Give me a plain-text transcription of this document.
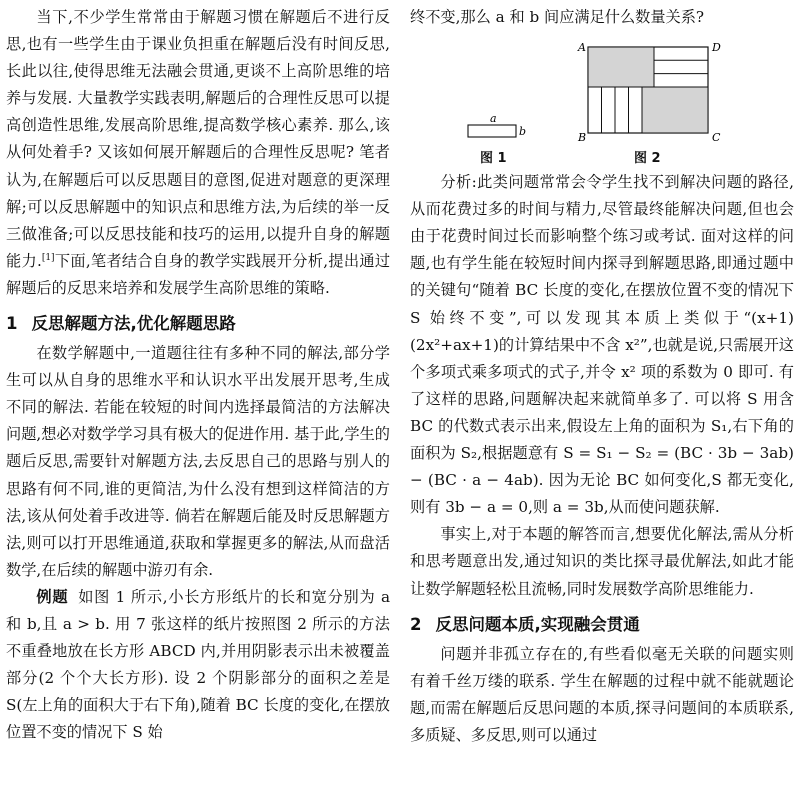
当下,不少学生常常由于解题习惯在解题后不进行反思,也有一些学生由于课业负担重在解题后没有时间反思,长此以往,使得思维无法融会贯通,更谈不上高阶思维的培养与发展. 大量教学实践表明,解题后的合理性反思可以提高创造性思维,发展高阶思维,提高数学核心素养. 那么,该从何处着手? 又该如何展开解题后的合理性反思呢? 笔者认为,在解题后可以反思题目的意图,促进对题意的更深理解;可以反思解题中的知识点和思维方法,为后续的举一反三做准备;可以反思技能和技巧的运用,以提升自身的解题能力.[1]下面,笔者结合自身的教学实践展开分析,提出通过解题后的反思来培养和发展学生高阶思维的策略.

1 反思解题方法,优化解题思路

在数学解题中,一道题往往有多种不同的解法,部分学生可以从自身的思维水平和认识水平出发展开思考,生成不同的解法. 若能在较短的时间内选择最简洁的方法解决问题,想必对数学学习具有极大的促进作用. 基于此,学生的题后反思,需要针对解题方法,去反思自己的思路与别人的思路有何不同,谁的更简洁,为什么没有想到这样简洁的方法,该从何处着手改进等. 倘若在解题后能及时反思解题方法,则可以打开思维通道,获取和掌握更多的解法,从而盘活数学,在后续的解题中游刃有余.

例题 如图 1 所示,小长方形纸片的长和宽分别为 a 和 b,且 a > b. 用 7 张这样的纸片按照图 2 所示的方法不重叠地放在长方形 ABCD 内,并用阴影表示出未被覆盖部分(2 个个大长方形). 设 2 个阴影部分的面积之差是 S(左上角的面积大于右下角),随着 BC 长度的变化,在摆放位置不变的情况下 S 始

终不变,那么 a 和 b 间应满足什么数量关系?

a
b
A	D
B	C
图 1	图 2

分析:此类问题常常会令学生找不到解决问题的路径,从而花费过多的时间与精力,尽管最终能解决问题,但也会由于花费时间过长而影响整个练习或考试. 面对这样的问题,也有学生能在较短时间内探寻到解题思路,即通过题中的关键句“随着 BC 长度的变化,在摆放位置不变的情况下 S 始终不变”,可以发现其本质上类似于“(x+1)(2x²+ax+1)的计算结果中不含 x²”,也就是说,只需展开这个多项式乘多项式的式子,并令 x² 项的系数为 0 即可. 有了这样的思路,问题解决起来就简单多了. 可以将 S 用含 BC 的代数式表示出来,假设左上角的面积为 S₁,右下角的面积为 S₂,根据题意有 S = S₁ − S₂ = (BC · 3b − 3ab) − (BC · a − 4ab). 因为无论 BC 如何变化,S 都无变化,则有 3b − a = 0,则 a = 3b,从而使问题获解.

事实上,对于本题的解答而言,想要优化解法,需从分析和思考题意出发,通过知识的类比探寻最优解法,如此才能让数学解题轻松且流畅,同时发展数学高阶思维能力.

2 反思问题本质,实现融会贯通

问题并非孤立存在的,有些看似毫无关联的问题实则有着千丝万缕的联系. 学生在解题的过程中就不能就题论题,而需在解题后反思问题的本质,探寻问题间的本质联系,多质疑、多反思,则可以通过
